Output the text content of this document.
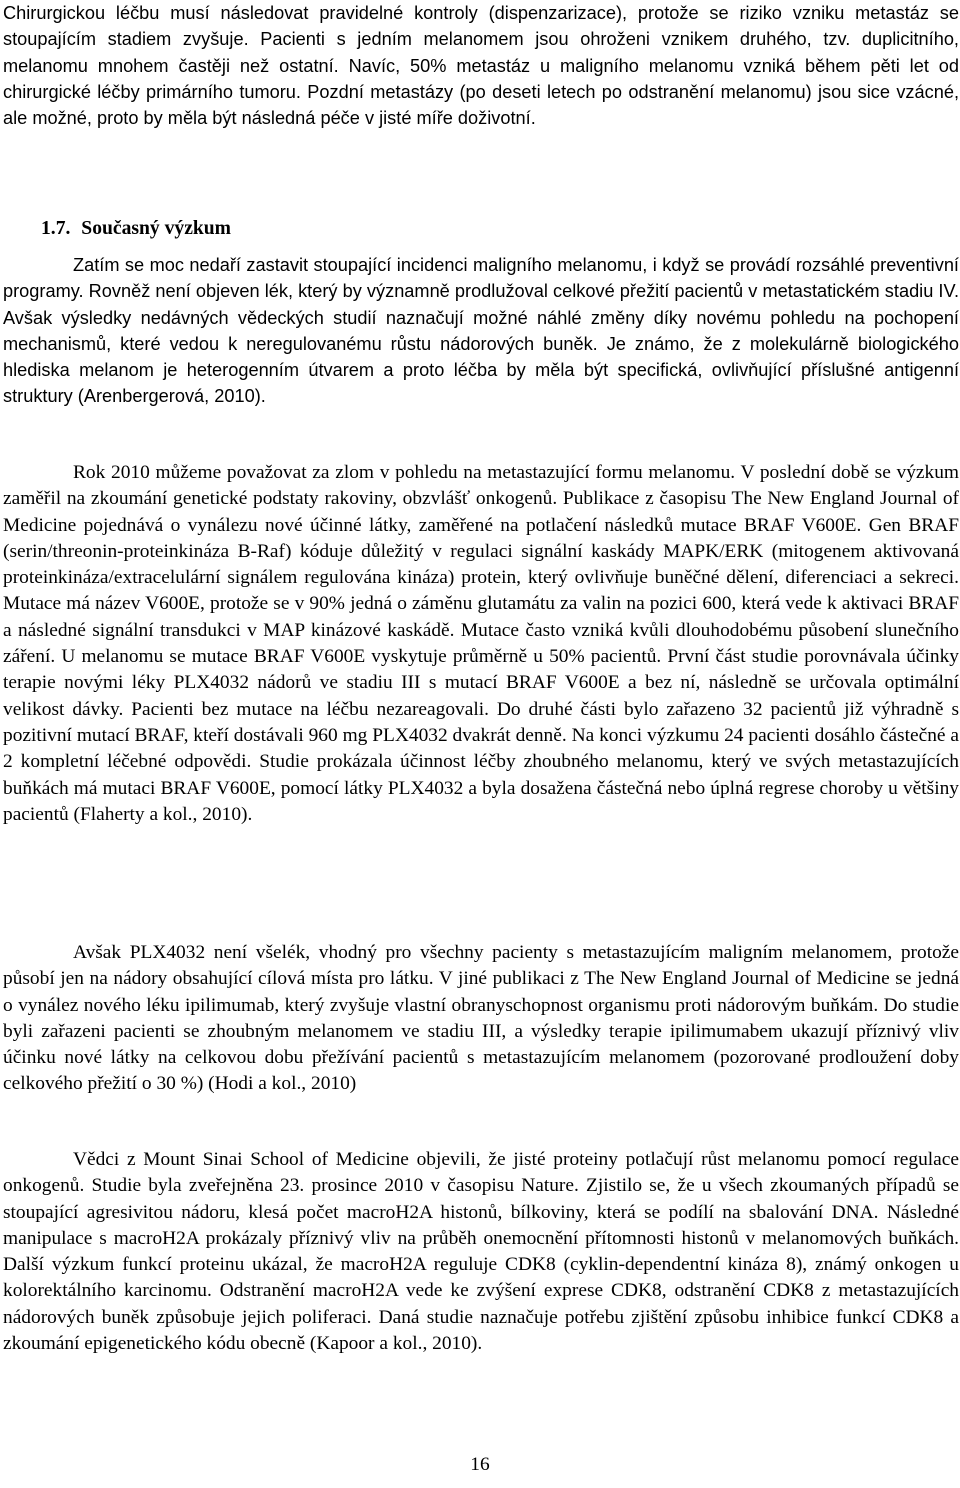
Chirurgickou léčbu musí následovat pravidelné kontroly (dispenzarizace), protože se riziko vzniku metastáz se stoupajícím stadiem zvyšuje. Pacienti s jedním melanomem jsou ohroženi vznikem druhého, tzv. duplicitního, melanomu mnohem častěji než ostatní. Navíc, 50% metastáz u maligního melanomu vzniká během pěti let od chirurgické léčby primárního tumoru. Pozdní metastázy (po deseti letech po odstranění melanomu) jsou sice vzácné, ale možné, proto by měla být následná péče v jisté míře doživotní.

1.7. Současný výzkum

Zatím se moc nedaří zastavit stoupající incidenci maligního melanomu, i když se provádí rozsáhlé preventivní programy. Rovněž není objeven lék, který by významně prodlužoval celkové přežití pacientů v metastatickém stadiu IV. Avšak výsledky nedávných vědeckých studií naznačují možné náhlé změny díky novému pohledu na pochopení mechanismů, které vedou k neregulovanému růstu nádorových buněk. Je známo, že z molekulárně biologického hlediska melanom je heterogenním útvarem a proto léčba by měla být specifická, ovlivňující příslušné antigenní struktury (Arenbergerová, 2010).

Rok 2010 můžeme považovat za zlom v pohledu na metastazující formu melanomu. V poslední době se výzkum zaměřil na zkoumání genetické podstaty rakoviny, obzvlášť onkogenů. Publikace z časopisu The New England Journal of Medicine pojednává o vynálezu nové účinné látky, zaměřené na potlačení následků mutace BRAF V600E. Gen BRAF (serin/threonin-proteinkináza B-Raf) kóduje důležitý v regulaci signální kaskády MAPK/ERK (mitogenem aktivovaná proteinkináza/extracelulární signálem regulována kináza) protein, který ovlivňuje buněčné dělení, diferenciaci a sekreci. Mutace má název V600E, protože se v 90% jedná o záměnu glutamátu za valin na pozici 600, která vede k aktivaci BRAF a následné signální transdukci v MAP kinázové kaskádě. Mutace často vzniká kvůli dlouhodobému působení slunečního záření. U melanomu se mutace BRAF V600E vyskytuje průměrně u 50% pacientů. První část studie porovnávala účinky terapie novými léky PLX4032 nádorů ve stadiu III s mutací BRAF V600E a bez ní, následně se určovala optimální velikost dávky. Pacienti bez mutace na léčbu nezareagovali. Do druhé části bylo zařazeno 32 pacientů již výhradně s pozitivní mutací BRAF, kteří dostávali 960 mg PLX4032 dvakrát denně. Na konci výzkumu 24 pacienti dosáhlo částečné a 2 kompletní léčebné odpovědi. Studie prokázala účinnost léčby zhoubného melanomu, který ve svých metastazujících buňkách má mutaci BRAF V600E, pomocí látky PLX4032 a byla dosažena částečná nebo úplná regrese choroby u většiny pacientů (Flaherty a kol., 2010).

Avšak PLX4032 není všelék, vhodný pro všechny pacienty s metastazujícím maligním melanomem, protože působí jen na nádory obsahující cílová místa pro látku. V jiné publikaci z The New England Journal of Medicine se jedná o vynález nového léku ipilimumab, který zvyšuje vlastní obranyschopnost organismu proti nádorovým buňkám. Do studie byli zařazeni pacienti se zhoubným melanomem ve stadiu III, a výsledky terapie ipilimumabem ukazují příznivý vliv účinku nové látky na celkovou dobu přežívání pacientů s metastazujícím melanomem (pozorované prodloužení doby celkového přežití o 30 %) (Hodi a kol., 2010)

Vědci z Mount Sinai School of Medicine objevili, že jisté proteiny potlačují růst melanomu pomocí regulace onkogenů. Studie byla zveřejněna 23. prosince 2010 v časopisu Nature. Zjistilo se, že u všech zkoumaných případů se stoupající agresivitou nádoru, klesá počet macroH2A histonů, bílkoviny, která se podílí na sbalování DNA. Následné manipulace s macroH2A prokázaly příznivý vliv na průběh onemocnění přítomnosti histonů v melanomových buňkách. Další výzkum funkcí proteinu ukázal, že macroH2A reguluje CDK8 (cyklin-dependentní kináza 8), známý onkogen u kolorektálního karcinomu. Odstranění macroH2A vede ke zvýšení exprese CDK8, odstranění CDK8 z metastazujících nádorových buněk způsobuje jejich poliferaci. Daná studie naznačuje potřebu zjištění způsobu inhibice funkcí CDK8 a zkoumání epigenetického kódu obecně (Kapoor a kol., 2010).

16
